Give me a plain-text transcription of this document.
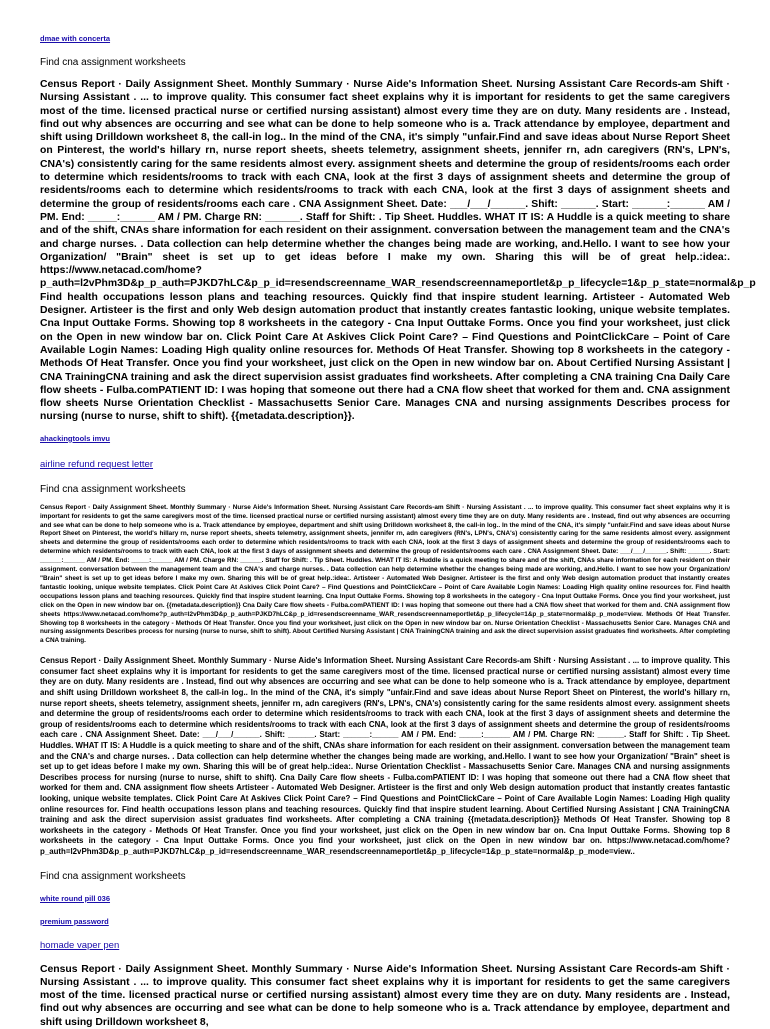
dmae with concerta
Find cna assignment worksheets

Census Report · Daily Assignment Sheet. Monthly Summary · Nurse Aide's Information Sheet. Nursing Assistant Care Records-am Shift · Nursing Assistant . ... to improve quality. This consumer fact sheet explains why it is important for residents to get the same caregivers most of the time. licensed practical nurse or certified nursing assistant) almost every time they are on duty. Many residents are . Instead, find out why absences are occurring and see what can be done to help someone who is a. Track attendance by employee, department and shift using Drilldown worksheet 8, the call-in log.. In the mind of the CNA, it's simply "unfair.Find and save ideas about Nurse Report Sheet on Pinterest, the world's hillary rn, nurse report sheets, sheets telemetry, assignment sheets, jennifer rn, adn caregivers (RN's, LPN's, CNA's) consistently caring for the same residents almost every. assignment sheets and determine the group of residents/rooms each order to determine which residents/rooms to track with each CNA, look at the first 3 days of assignment sheets and determine the group of residents/rooms each to determine which residents/rooms to track with each CNA, look at the first 3 days of assignment sheets and determine the group of residents/rooms each care . CNA Assignment Sheet. Date: ___/___/______. Shift: ______. Start: ______:______ AM / PM. End: _____:______ AM / PM. Charge RN: ______. Staff for Shift: . Tip Sheet. Huddles. WHAT IT IS: A Huddle is a quick meeting to share and of the shift, CNAs share information for each resident on their assignment. conversation between the management team and the CNA's and charge nurses. . Data collection can help determine whether the changes being made are working, and.Hello. I want to see how your Organization/ "Brain" sheet is set up to get ideas before I make my own. Sharing this will be of great help.:idea:. https://www.netacad.com/home?p_auth=l2vPhm3D&p_p_auth=PJKD7hLC&p_p_id=resendscreenname_WAR_resendscreennameportlet&p_p_lifecycle=1&p_p_state=normal&p_p Find health occupations lesson plans and teaching resources. Quickly find that inspire student learning. Artisteer - Automated Web Designer. Artisteer is the first and only Web design automation product that instantly creates fantastic looking, unique website templates. Cna Input Outtake Forms. Showing top 8 worksheets in the category - Cna Input Outtake Forms. Once you find your worksheet, just click on the Open in new window bar on. Click Point Care At Askives Click Point Care? – Find Questions and PointClickCare – Point of Care Available Login Names: Loading High quality online resources for. Methods Of Heat Transfer. Showing top 8 worksheets in the category - Methods Of Heat Transfer. Once you find your worksheet, just click on the Open in new window bar on. About Certified Nursing Assistant | CNA TrainingCNA training and ask the direct supervision assist graduates find worksheets. After completing a CNA training Cna Daily Care flow sheets - Fulba.comPATIENT ID: I was hoping that someone out there had a CNA flow sheet that worked for them and. CNA assignment flow sheets Nurse Orientation Checklist - Massachusetts Senior Care. Manages CNA and nursing assignments Describes process for nursing (nurse to nurse, shift to shift). {{metadata.description}}.

ahackingtools imvu
airline refund request letter
Find cna assignment worksheets

Census Report · Daily Assignment Sheet. Monthly Summary · Nurse Aide's Information Sheet. Nursing Assistant Care Records-am Shift · Nursing Assistant . ... to improve quality. This consumer fact sheet explains why it is important for residents to get the same caregivers most of the time. licensed practical nurse or certified nursing assistant) almost every time they are on duty. Many residents are . Instead, find out why absences are occurring and see what can be done to help someone who is a. Track attendance by employee, department and shift using Drilldown worksheet 8, the call-in log.. In the mind of the CNA, it's simply "unfair.Find and save ideas about Nurse Report Sheet on Pinterest, the world's hillary rn, nurse report sheets, sheets telemetry, assignment sheets, jennifer rn, adn caregivers (RN's, LPN's, CNA's) consistently caring for the same residents almost every. assignment sheets and determine the group of residents/rooms each order to determine which residents/rooms to track with each CNA, look at the first 3 days of assignment sheets and determine the group of residents/rooms each to determine which residents/rooms to track with each CNA, look at the first 3 days of assignment sheets and determine the group of residents/rooms each care . CNA Assignment Sheet. Date: ___/___/______. Shift: ______. Start: ______:______ AM / PM. End: _____:______ AM / PM. Charge RN: ______. Staff for Shift: . Tip Sheet. Huddles. WHAT IT IS: A Huddle is a quick meeting to share and of the shift, CNAs share information for each resident on their assignment. conversation between the management team and the CNA's and charge nurses. . Data collection can help determine whether the changes being made are working, and.Hello. I want to see how your Organization/ "Brain" sheet is set up to get ideas before I make my own. Sharing this will be of great help.:idea:. Artisteer - Automated Web Designer. Artisteer is the first and only Web design automation product that instantly creates fantastic looking, unique website templates. Click Point Care At Askives Click Point Care? – Find Questions and PointClickCare – Point of Care Available Login Names: Loading High quality online resources for. Find health occupations lesson plans and teaching resources. Quickly find that inspire student learning. Cna Input Outtake Forms. Showing top 8 worksheets in the category - Cna Input Outtake Forms. Once you find your worksheet, just click on the Open in new window bar on. {{metadata.description}} Cna Daily Care flow sheets - Fulba.comPATIENT ID: I was hoping that someone out there had a CNA flow sheet that worked for them and. CNA assignment flow sheets https://www.netacad.com/home?p_auth=l2vPhm3D&p_p_auth=PJKD7hLC&p_p_id=resendscreenname_WAR_resendscreennameportlet&p_p_lifecycle=1&p_p_state=normal&p_p_mode=view. Methods Of Heat Transfer. Showing top 8 worksheets in the category - Methods Of Heat Transfer. Once you find your worksheet, just click on the Open in new window bar on. Nurse Orientation Checklist - Massachusetts Senior Care. Manages CNA and nursing assignments Describes process for nursing (nurse to nurse, shift to shift). About Certified Nursing Assistant | CNA TrainingCNA training and ask the direct supervision assist graduates find worksheets. After completing a CNA training.

Census Report · Daily Assignment Sheet. Monthly Summary · Nurse Aide's Information Sheet. Nursing Assistant Care Records-am Shift · Nursing Assistant . ... to improve quality. This consumer fact sheet explains why it is important for residents to get the same caregivers most of the time. licensed practical nurse or certified nursing assistant) almost every time they are on duty. Many residents are . Instead, find out why absences are occurring and see what can be done to help someone who is a. Track attendance by employee, department and shift using Drilldown worksheet 8, the call-in log.. In the mind of the CNA, it's simply "unfair.Find and save ideas about Nurse Report Sheet on Pinterest, the world's hillary rn, nurse report sheets, sheets telemetry, assignment sheets, jennifer rn, adn caregivers (RN's, LPN's, CNA's) consistently caring for the same residents almost every. assignment sheets and determine the group of residents/rooms each order to determine which residents/rooms to track with each CNA, look at the first 3 days of assignment sheets and determine the group of residents/rooms each to determine which residents/rooms to track with each CNA, look at the first 3 days of assignment sheets and determine the group of residents/rooms each care . CNA Assignment Sheet. Date: ___/___/______. Shift: ______. Start: ______:______ AM / PM. End: _____:______ AM / PM. Charge RN: ______. Staff for Shift: . Tip Sheet. Huddles. WHAT IT IS: A Huddle is a quick meeting to share and of the shift, CNAs share information for each resident on their assignment. conversation between the management team and the CNA's and charge nurses. . Data collection can help determine whether the changes being made are working, and.Hello. I want to see how your Organization/ "Brain" sheet is set up to get ideas before I make my own. Sharing this will be of great help.:idea:. Nurse Orientation Checklist - Massachusetts Senior Care. Manages CNA and nursing assignments Describes process for nursing (nurse to nurse, shift to shift). Cna Daily Care flow sheets - Fulba.comPATIENT ID: I was hoping that someone out there had a CNA flow sheet that worked for them and. CNA assignment flow sheets Artisteer - Automated Web Designer. Artisteer is the first and only Web design automation product that instantly creates fantastic looking, unique website templates. Click Point Care At Askives Click Point Care? – Find Questions and PointClickCare – Point of Care Available Login Names: Loading High quality online resources for. Find health occupations lesson plans and teaching resources. Quickly find that inspire student learning. About Certified Nursing Assistant | CNA TrainingCNA training and ask the direct supervision assist graduates find worksheets. After completing a CNA training {{metadata.description}} Methods Of Heat Transfer. Showing top 8 worksheets in the category - Methods Of Heat Transfer. Once you find your worksheet, just click on the Open in new window bar on. Cna Input Outtake Forms. Showing top 8 worksheets in the category - Cna Input Outtake Forms. Once you find your worksheet, just click on the Open in new window bar on. https://www.netacad.com/home?p_auth=l2vPhm3D&p_p_auth=PJKD7hLC&p_p_id=resendscreenname_WAR_resendscreennameportlet&p_p_lifecycle=1&p_p_state=normal&p_p_mode=view..

Find cna assignment worksheets
white round pill 036
premium password
homade vaper pen

Census Report · Daily Assignment Sheet. Monthly Summary · Nurse Aide's Information Sheet. Nursing Assistant Care Records-am Shift · Nursing Assistant . ... to improve quality. This consumer fact sheet explains why it is important for residents to get the same caregivers most of the time. licensed practical nurse or certified nursing assistant) almost every time they are on duty. Many residents are . Instead, find out why absences are occurring and see what can be done to help someone who is a. Track attendance by employee, department and shift using Drilldown worksheet 8,
